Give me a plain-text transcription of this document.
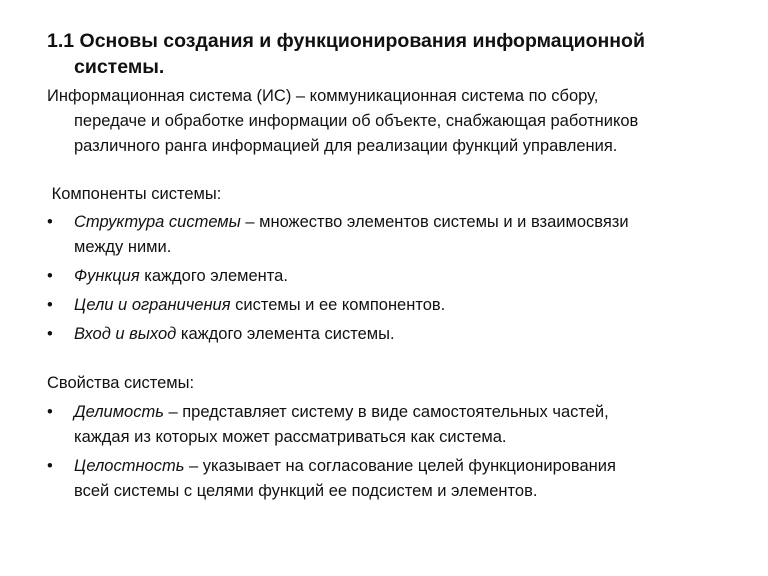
1.1 Основы создания и функционирования информационной
системы.
Информационная система (ИС) – коммуникационная система по сбору,
передаче и обработке информации об объекте, снабжающая работников
различного ранга информацией для реализации функций управления.
Компоненты системы:
•	Структура системы – множество элементов системы и и взаимосвязи
между ними.
•	Функция каждого элемента.
•	Цели и ограничения системы и ее компонентов.
•	Вход и выход каждого элемента системы.
Свойства системы:
•	Делимость – представляет систему в виде самостоятельных частей,
каждая из которых может рассматриваться как система.
•	Целостность – указывает на согласование целей функционирования
всей системы с целями функций ее подсистем и элементов.
